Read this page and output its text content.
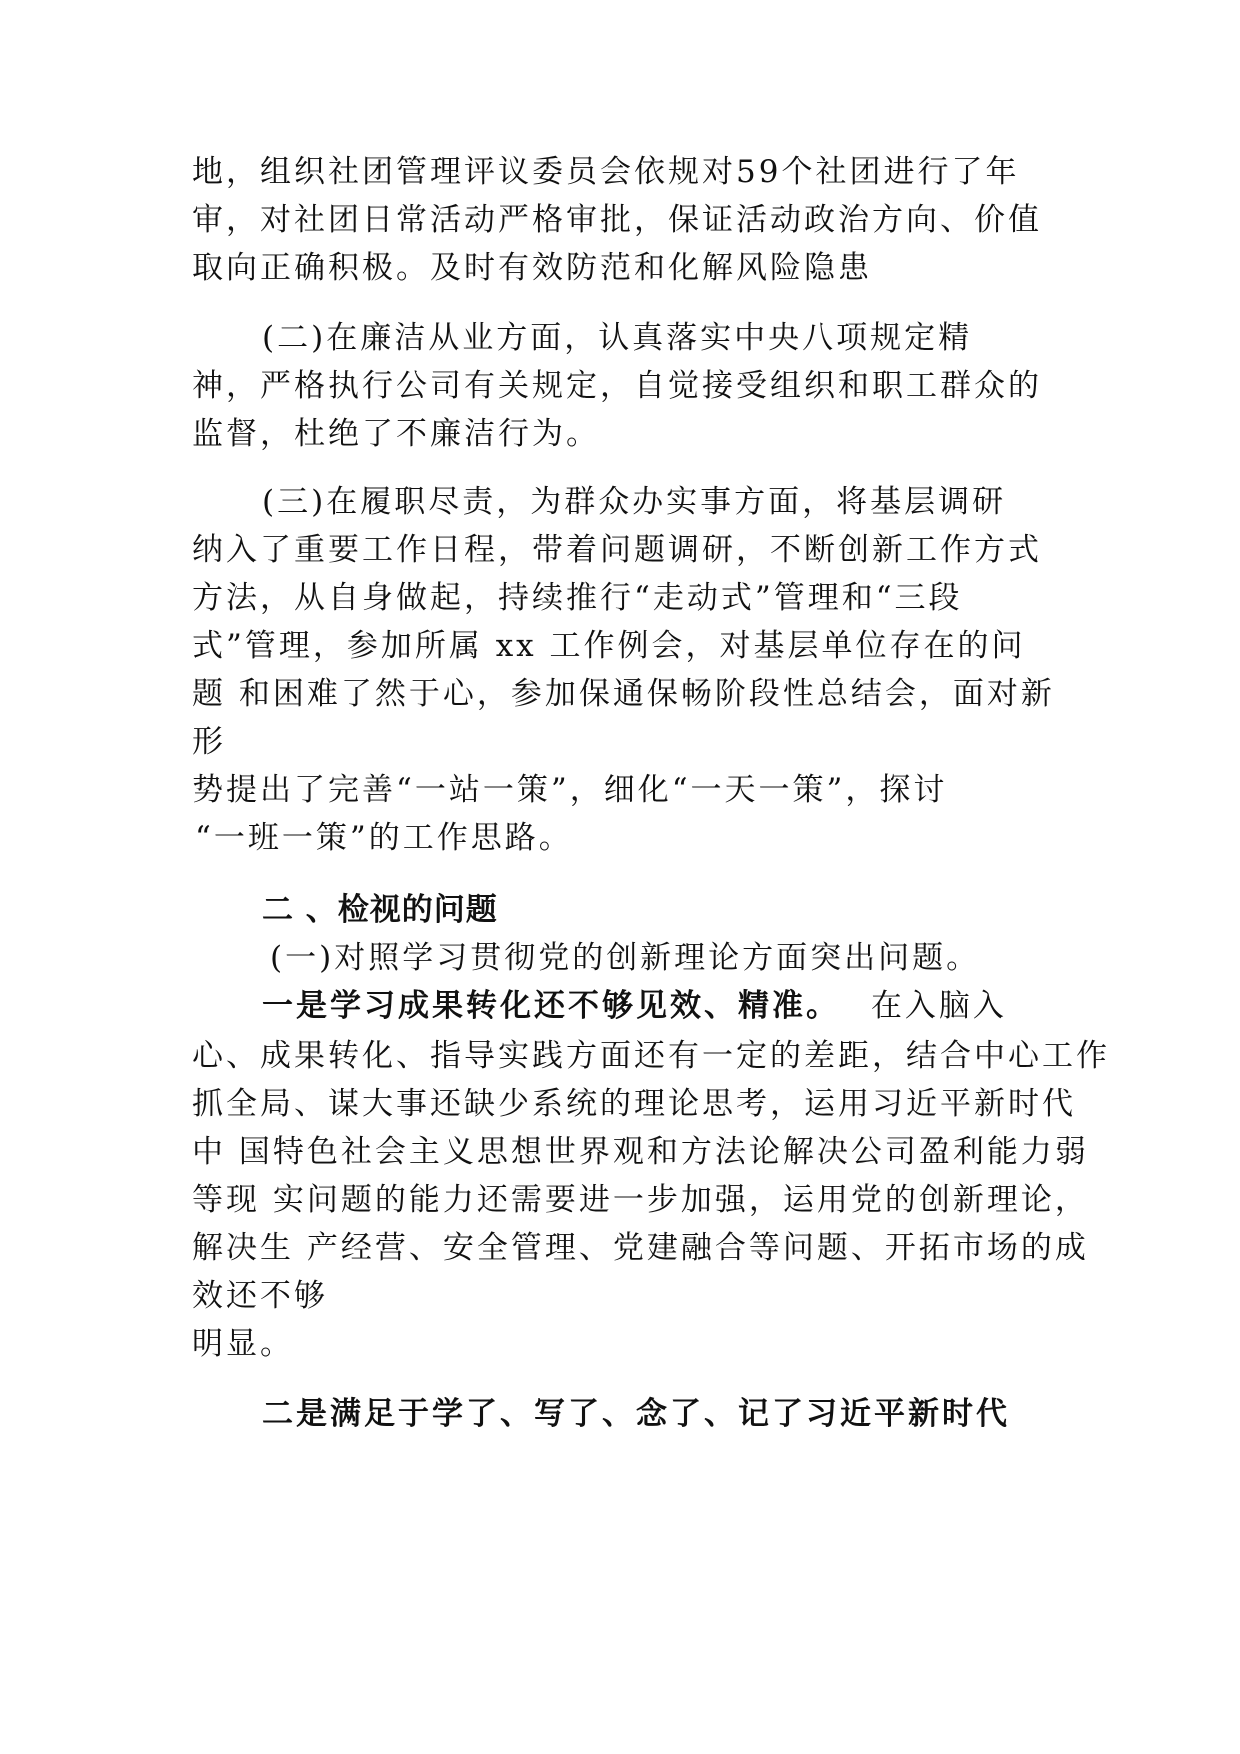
地，组织社团管理评议委员会依规对59个社团进行了年
审，对社团日常活动严格审批，保证活动政治方向、价值
取向正确积极。及时有效防范和化解风险隐患
(二)在廉洁从业方面，认真落实中央八项规定精
神，严格执行公司有关规定，自觉接受组织和职工群众的
监督，杜绝了不廉洁行为。
(三)在履职尽责，为群众办实事方面，将基层调研
纳入了重要工作日程，带着问题调研，不断创新工作方式
方法，从自身做起，持续推行“走动式”管理和“三段
式”管理，参加所属 xx 工作例会，对基层单位存在的问
题 和困难了然于心，参加保通保畅阶段性总结会，面对新
形
势提出了完善“一站一策”，细化“一天一策”，探讨
“一班一策”的工作思路。
二 、检视的问题
(一)对照学习贯彻党的创新理论方面突出问题。
一是学习成果转化还不够见效、精准。 在入脑入
心、成果转化、指导实践方面还有一定的差距，结合中心工作
抓全局、谋大事还缺少系统的理论思考，运用习近平新时代
中 国特色社会主义思想世界观和方法论解决公司盈利能力弱
等现 实问题的能力还需要进一步加强，运用党的创新理论，
解决生 产经营、安全管理、党建融合等问题、开拓市场的成
效还不够
明显。
二是满足于学了、写了、念了、记了习近平新时代
